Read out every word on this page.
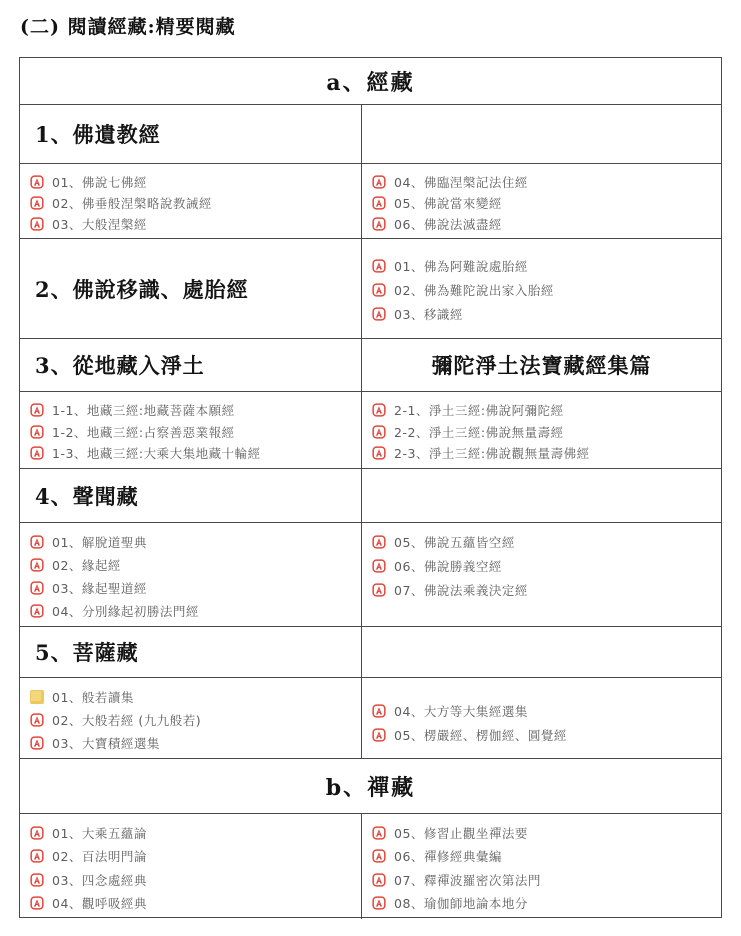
(二) 閱讀經藏:精要閱藏
a、經藏
1、佛遺教經
01、佛說七佛經
02、佛垂般涅槃略說教誡經
03、大般涅槃經
04、佛臨涅槃記法住經
05、佛說當來變經
06、佛說法滅盡經
2、佛說移識、處胎經
01、佛為阿難說處胎經
02、佛為難陀說出家入胎經
03、移識經
3、從地藏入淨土	彌陀淨土法寶藏經集篇
1-1、地藏三經:地藏菩薩本願經
1-2、地藏三經:占察善惡業報經
1-3、地藏三經:大乘大集地藏十輪經
2-1、淨土三經:佛說阿彌陀經
2-2、淨土三經:佛說無量壽經
2-3、淨土三經:佛說觀無量壽佛經
4、聲聞藏
01、解脫道聖典
02、緣起經
03、緣起聖道經
04、分別緣起初勝法門經
05、佛說五蘊皆空經
06、佛說勝義空經
07、佛說法乘義決定經
5、菩薩藏
01、般若讀集
02、大般若經 (九九般若)
03、大寶積經選集
04、大方等大集經選集
05、楞嚴經、楞伽經、圓覺經
b、禪藏
01、大乘五蘊論
02、百法明門論
03、四念處經典
04、觀呼吸經典
05、修習止觀坐禪法要
06、禪修經典彙編
07、釋禪波羅密次第法門
08、瑜伽師地論本地分
